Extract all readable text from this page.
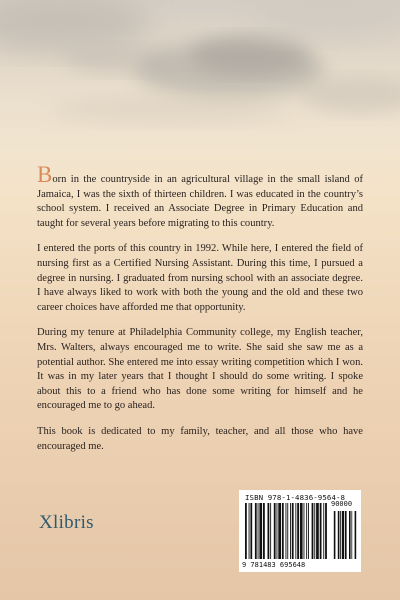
Born in the countryside in an agricultural village in the small island of Jamaica, I was the sixth of thirteen children. I was educated in the country’s school system. I received an Associate Degree in Primary Education and taught for several years before migrating to this country.

I entered the ports of this country in 1992. While here, I entered the field of nursing first as a Certified Nursing Assistant. During this time, I pursued a degree in nursing. I graduated from nursing school with an associate degree. I have always liked to work with both the young and the old and these two career choices have afforded me that opportunity.

During my tenure at Philadelphia Community college, my English teacher, Mrs. Walters, always encouraged me to write. She said she saw me as a potential author. She entered me into essay writing competition which I won. It was in my later years that I thought I should do some writing. I spoke about this to a friend who has done some writing for himself and he encouraged me to go ahead.

This book is dedicated to my family, teacher, and all those who have encouraged me.

Xlibris
ISBN 978-1-4836-9564-8
90000
9 781483 695648
